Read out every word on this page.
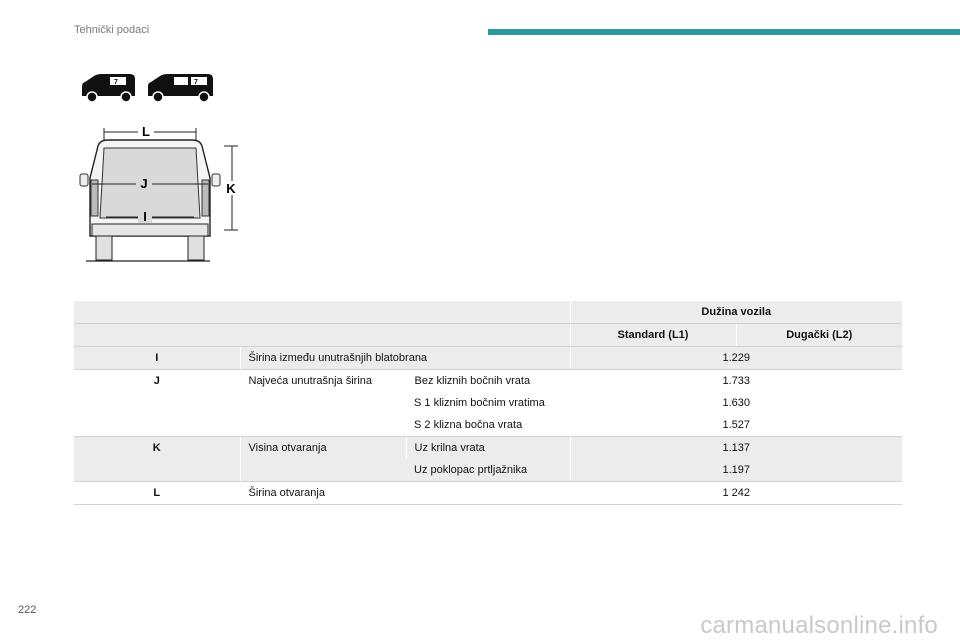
Tehnički podaci
7	7
L
J
I
K
			Dužina vozila	
			Standard (L1)	Dugački (L2)
I	Širina između unutrašnjih blatobrana		1.229	
J	Najveća unutrašnja širina	Bez kliznih bočnih vrata	1.733	
		S 1 kliznim bočnim vratima	1.630	
		S 2 klizna bočna vrata	1.527	
K	Visina otvaranja	Uz krilna vrata	1.137	
		Uz poklopac prtljažnika	1.197	
L	Širina otvaranja		1 242	
222
carmanualsonline.info
